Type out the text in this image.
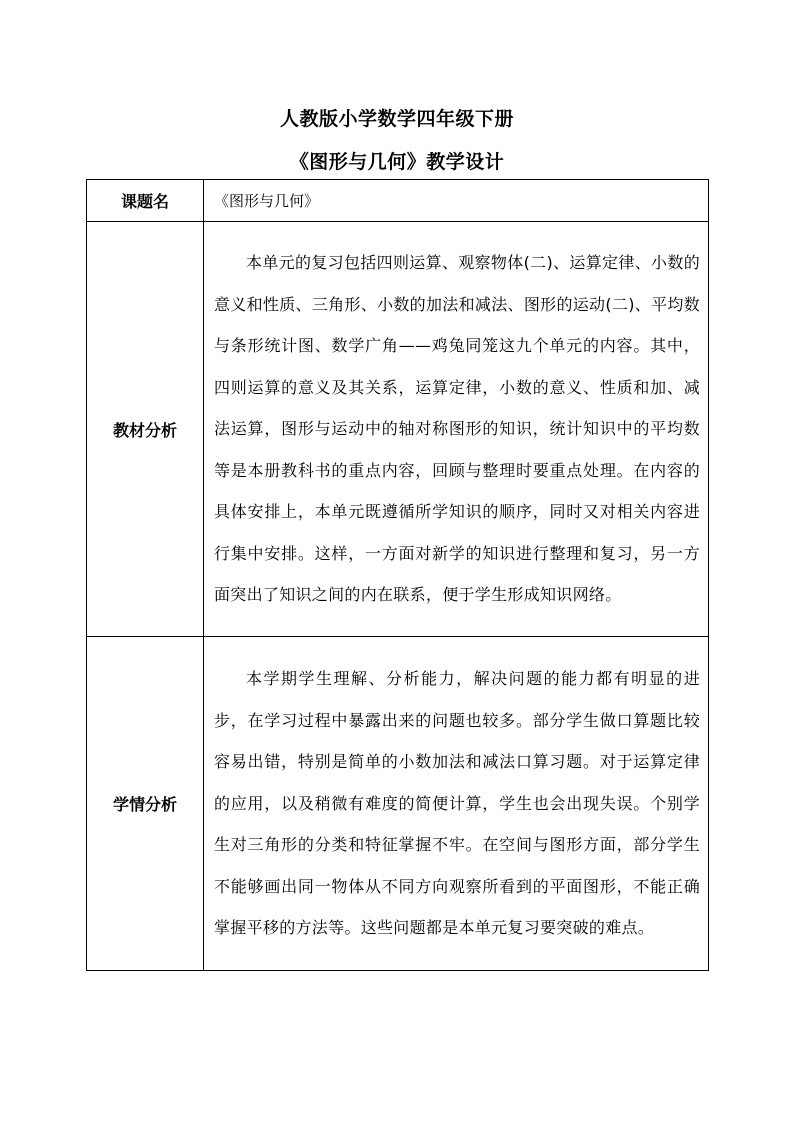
人教版小学数学四年级下册
《图形与几何》教学设计
课题名	《图形与几何》
教材分析	本单元的复习包括四则运算、观察物体(二)、运算定律、小数的意义和性质、三角形、小数的加法和减法、图形的运动(二)、平均数与条形统计图、数学广角——鸡兔同笼这九个单元的内容。其中，四则运算的意义及其关系，运算定律，小数的意义、性质和加、减法运算，图形与运动中的轴对称图形的知识，统计知识中的平均数等是本册教科书的重点内容，回顾与整理时要重点处理。在内容的具体安排上，本单元既遵循所学知识的顺序，同时又对相关内容进行集中安排。这样，一方面对新学的知识进行整理和复习，另一方面突出了知识之间的内在联系，便于学生形成知识网络。

学情分析	本学期学生理解、分析能力，解决问题的能力都有明显的进步，在学习过程中暴露出来的问题也较多。部分学生做口算题比较容易出错，特别是简单的小数加法和减法口算习题。对于运算定律的应用，以及稍微有难度的简便计算，学生也会出现失误。个别学生对三角形的分类和特征掌握不牢。在空间与图形方面，部分学生不能够画出同一物体从不同方向观察所看到的平面图形，不能正确掌握平移的方法等。这些问题都是本单元复习要突破的难点。
